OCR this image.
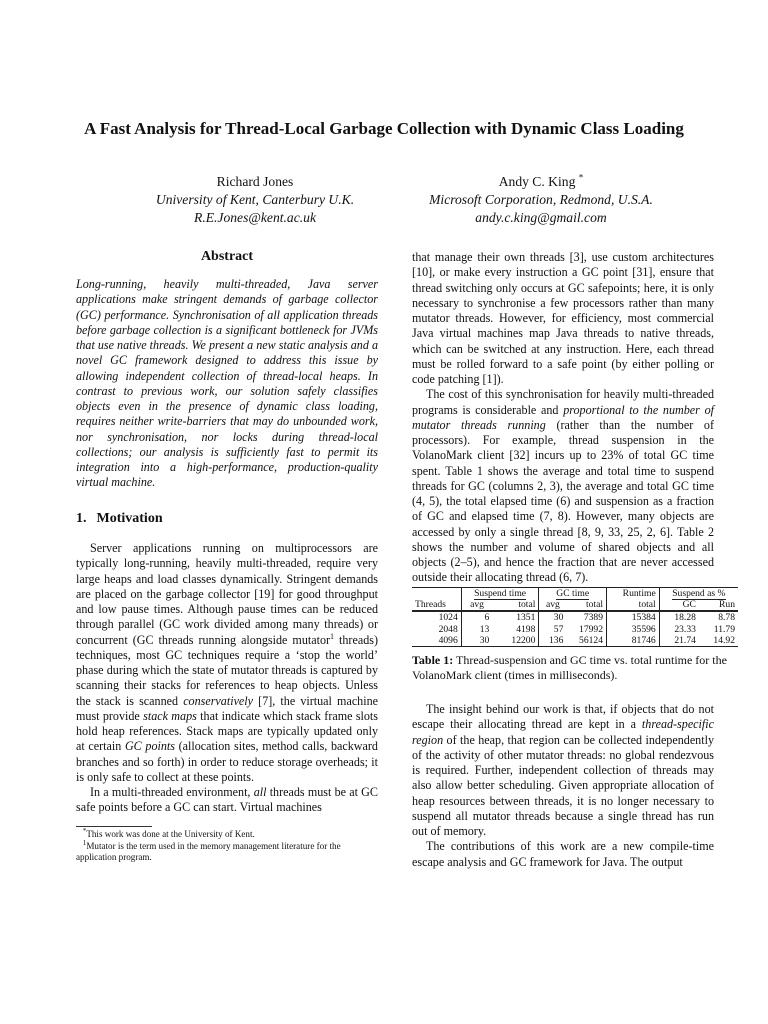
A Fast Analysis for Thread-Local Garbage Collection with Dynamic Class Loading
Richard Jones
University of Kent, Canterbury U.K.
R.E.Jones@kent.ac.uk
Andy C. King *
Microsoft Corporation, Redmond, U.S.A.
andy.c.king@gmail.com
Abstract

Long-running, heavily multi-threaded, Java server applications make stringent demands of garbage collector (GC) performance. Synchronisation of all application threads before garbage collection is a significant bottleneck for JVMs that use native threads. We present a new static analysis and a novel GC framework designed to address this issue by allowing independent collection of thread-local heaps. In contrast to previous work, our solution safely classifies objects even in the presence of dynamic class loading, requires neither write-barriers that may do unbounded work, nor synchronisation, nor locks during thread-local collections; our analysis is sufficiently fast to permit its integration into a high-performance, production-quality virtual machine.

1. Motivation

Server applications running on multiprocessors are typically long-running, heavily multi-threaded, require very large heaps and load classes dynamically. Stringent demands are placed on the garbage collector [19] for good throughput and low pause times. Although pause times can be reduced through parallel (GC work divided among many threads) or concurrent (GC threads running alongside mutator$^1$ threads) techniques, most GC techniques require a ‘stop the world’ phase during which the state of mutator threads is captured by scanning their stacks for references to heap objects. Unless the stack is scanned conservatively [7], the virtual machine must provide stack maps that indicate which stack frame slots hold heap references. Stack maps are typically updated only at certain GC points (allocation sites, method calls, backward branches and so forth) in order to reduce storage overheads; it is only safe to collect at these points.

In a multi-threaded environment, all threads must be at GC safe points before a GC can start. Virtual machines

*This work was done at the University of Kent.
$^1$Mutator is the term used in the memory management literature for the application program.

that manage their own threads [3], use custom architectures [10], or make every instruction a GC point [31], ensure that thread switching only occurs at GC safepoints; here, it is only necessary to synchronise a few processors rather than many mutator threads. However, for efficiency, most commercial Java virtual machines map Java threads to native threads, which can be switched at any instruction. Here, each thread must be rolled forward to a safe point (by either polling or code patching [1]).

The cost of this synchronisation for heavily multi-threaded programs is considerable and proportional to the number of mutator threads running (rather than the number of processors). For example, thread suspension in the VolanoMark client [32] incurs up to 23% of total GC time spent. Table 1 shows the average and total time to suspend threads for GC (columns 2, 3), the average and total GC time (4, 5), the total elapsed time (6) and suspension as a fraction of GC and elapsed time (7, 8). However, many objects are accessed by only a single thread [8, 9, 33, 25, 2, 6]. Table 2 shows the number and volume of shared objects and all objects (2–5), and hence the fraction that are never accessed outside their allocating thread (6, 7).

	Suspend time		GC time		Runtime	Suspend as %	
Threads	avg	total	avg	total	total	GC	Run
1024	6	1351	30	7389	15384	18.28	8.78
2048	13	4198	57	17992	35596	23.33	11.79
4096	30	12200	136	56124	81746	21.74	14.92
Table 1: Thread-suspension and GC time vs. total runtime for the VolanoMark client (times in milliseconds).

The insight behind our work is that, if objects that do not escape their allocating thread are kept in a thread-specific region of the heap, that region can be collected independently of the activity of other mutator threads: no global rendezvous is required. Further, independent collection of threads may also allow better scheduling. Given appropriate allocation of heap resources between threads, it is no longer necessary to suspend all mutator threads because a single thread has run out of memory.

The contributions of this work are a new compile-time escape analysis and GC framework for Java. The output
